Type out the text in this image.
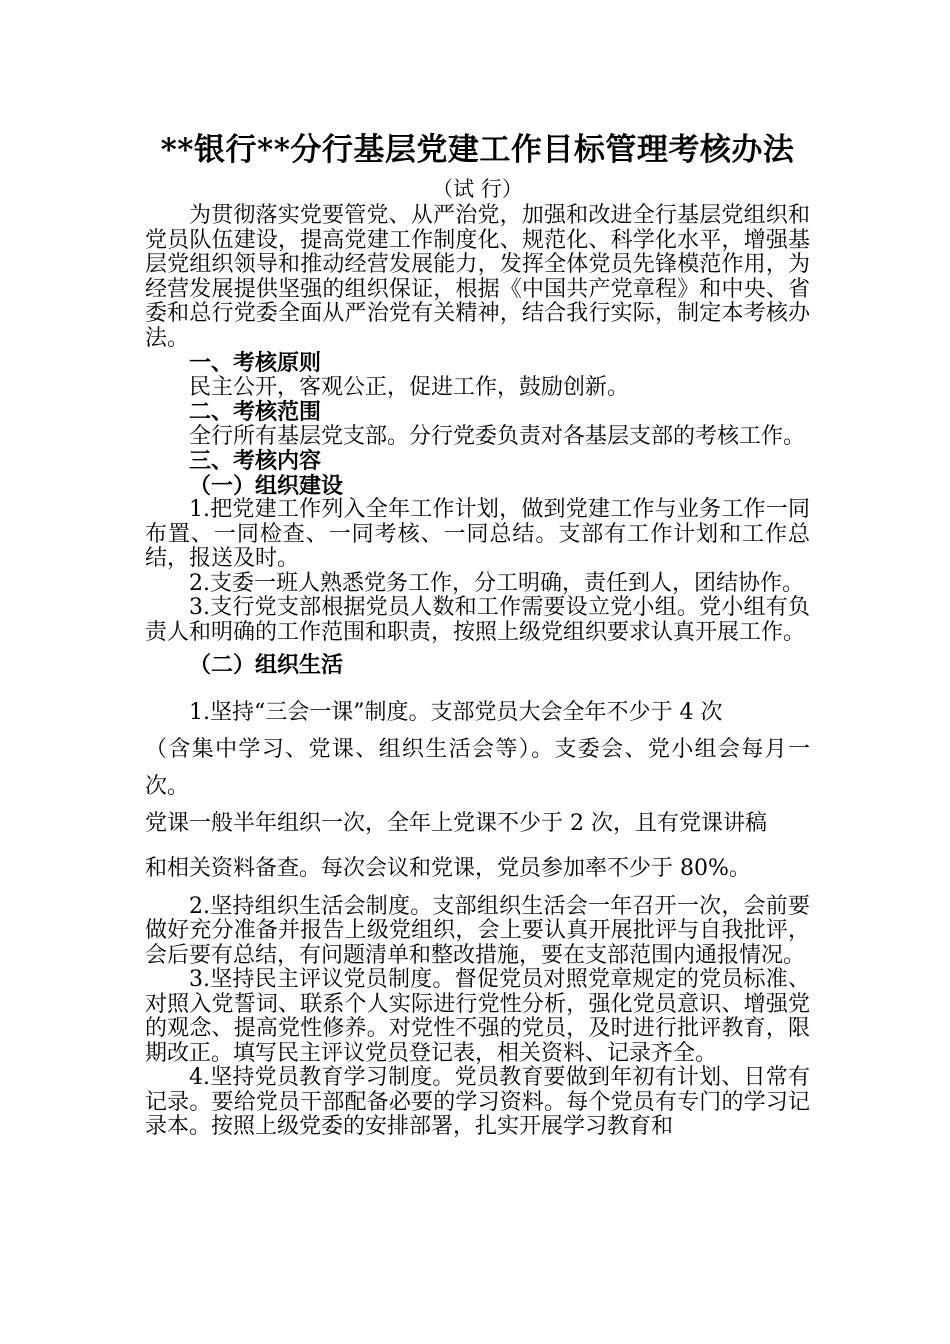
**银行**分行基层党建工作目标管理考核办法
（试 行）

为贯彻落实党要管党、从严治党，加强和改进全行基层党组织和党员队伍建设，提高党建工作制度化、规范化、科学化水平，增强基层党组织领导和推动经营发展能力，发挥全体党员先锋模范作用，为经营发展提供坚强的组织保证，根据《中国共产党章程》和中央、省委和总行党委全面从严治党有关精神，结合我行实际，制定本考核办法。

一、考核原则

民主公开，客观公正，促进工作，鼓励创新。

二、考核范围

全行所有基层党支部。分行党委负责对各基层支部的考核工作。

三、考核内容

（一）组织建设

1.把党建工作列入全年工作计划，做到党建工作与业务工作一同布置、一同检查、一同考核、一同总结。支部有工作计划和工作总结，报送及时。

2.支委一班人熟悉党务工作，分工明确，责任到人，团结协作。

3.支行党支部根据党员人数和工作需要设立党小组。党小组有负责人和明确的工作范围和职责，按照上级党组织要求认真开展工作。

（二）组织生活

1.坚持“三会一课”制度。支部党员大会全年不少于 4 次

（含集中学习、党课、组织生活会等）。支委会、党小组会每月一次。

党课一般半年组织一次，全年上党课不少于 2 次，且有党课讲稿

和相关资料备查。每次会议和党课，党员参加率不少于 80%。

2.坚持组织生活会制度。支部组织生活会一年召开一次，会前要做好充分准备并报告上级党组织，会上要认真开展批评与自我批评，会后要有总结，有问题清单和整改措施，要在支部范围内通报情况。

3.坚持民主评议党员制度。督促党员对照党章规定的党员标准、对照入党誓词、联系个人实际进行党性分析，强化党员意识、增强党的观念、提高党性修养。对党性不强的党员，及时进行批评教育，限期改正。填写民主评议党员登记表，相关资料、记录齐全。

4.坚持党员教育学习制度。党员教育要做到年初有计划、日常有记录。要给党员干部配备必要的学习资料。每个党员有专门的学习记录本。按照上级党委的安排部署，扎实开展学习教育和
